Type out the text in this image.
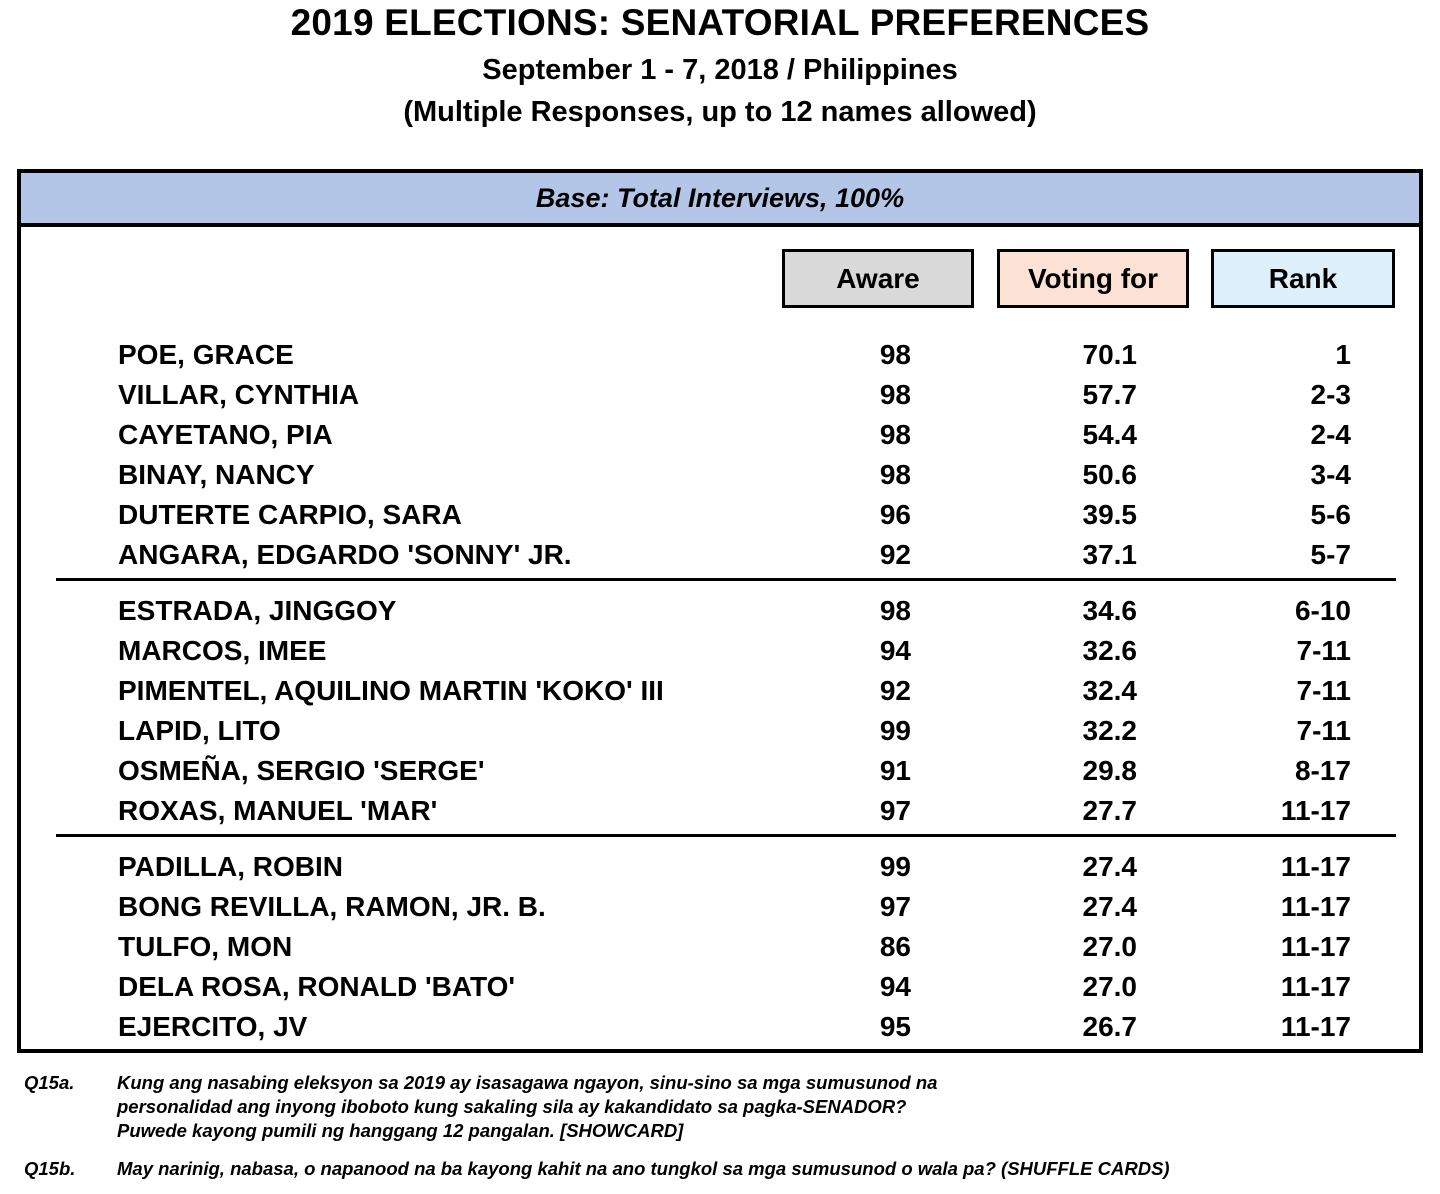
2019 ELECTIONS: SENATORIAL PREFERENCES
September 1 - 7, 2018 / Philippines
(Multiple Responses, up to 12 names allowed)
Base: Total Interviews, 100%
Aware	Voting for	Rank
POE, GRACE	98	70.1	1
VILLAR, CYNTHIA	98	57.7	2-3
CAYETANO, PIA	98	54.4	2-4
BINAY, NANCY	98	50.6	3-4
DUTERTE CARPIO, SARA	96	39.5	5-6
ANGARA, EDGARDO 'SONNY' JR.	92	37.1	5-7
ESTRADA, JINGGOY	98	34.6	6-10
MARCOS, IMEE	94	32.6	7-11
PIMENTEL, AQUILINO MARTIN 'KOKO' III	92	32.4	7-11
LAPID, LITO	99	32.2	7-11
OSMEÑA, SERGIO 'SERGE'	91	29.8	8-17
ROXAS, MANUEL 'MAR'	97	27.7	11-17
PADILLA, ROBIN	99	27.4	11-17
BONG REVILLA, RAMON, JR. B.	97	27.4	11-17
TULFO, MON	86	27.0	11-17
DELA ROSA, RONALD 'BATO'	94	27.0	11-17
EJERCITO, JV	95	26.7	11-17
Q15a.	Kung ang nasabing eleksyon sa 2019 ay isasagawa ngayon, sinu-sino sa mga sumusunod na
personalidad ang inyong iboboto kung sakaling sila ay kakandidato sa pagka-SENADOR?
Puwede kayong pumili ng hanggang 12 pangalan. [SHOWCARD]
Q15b.	May narinig, nabasa, o napanood na ba kayong kahit na ano tungkol sa mga sumusunod o wala pa? (SHUFFLE CARDS)
